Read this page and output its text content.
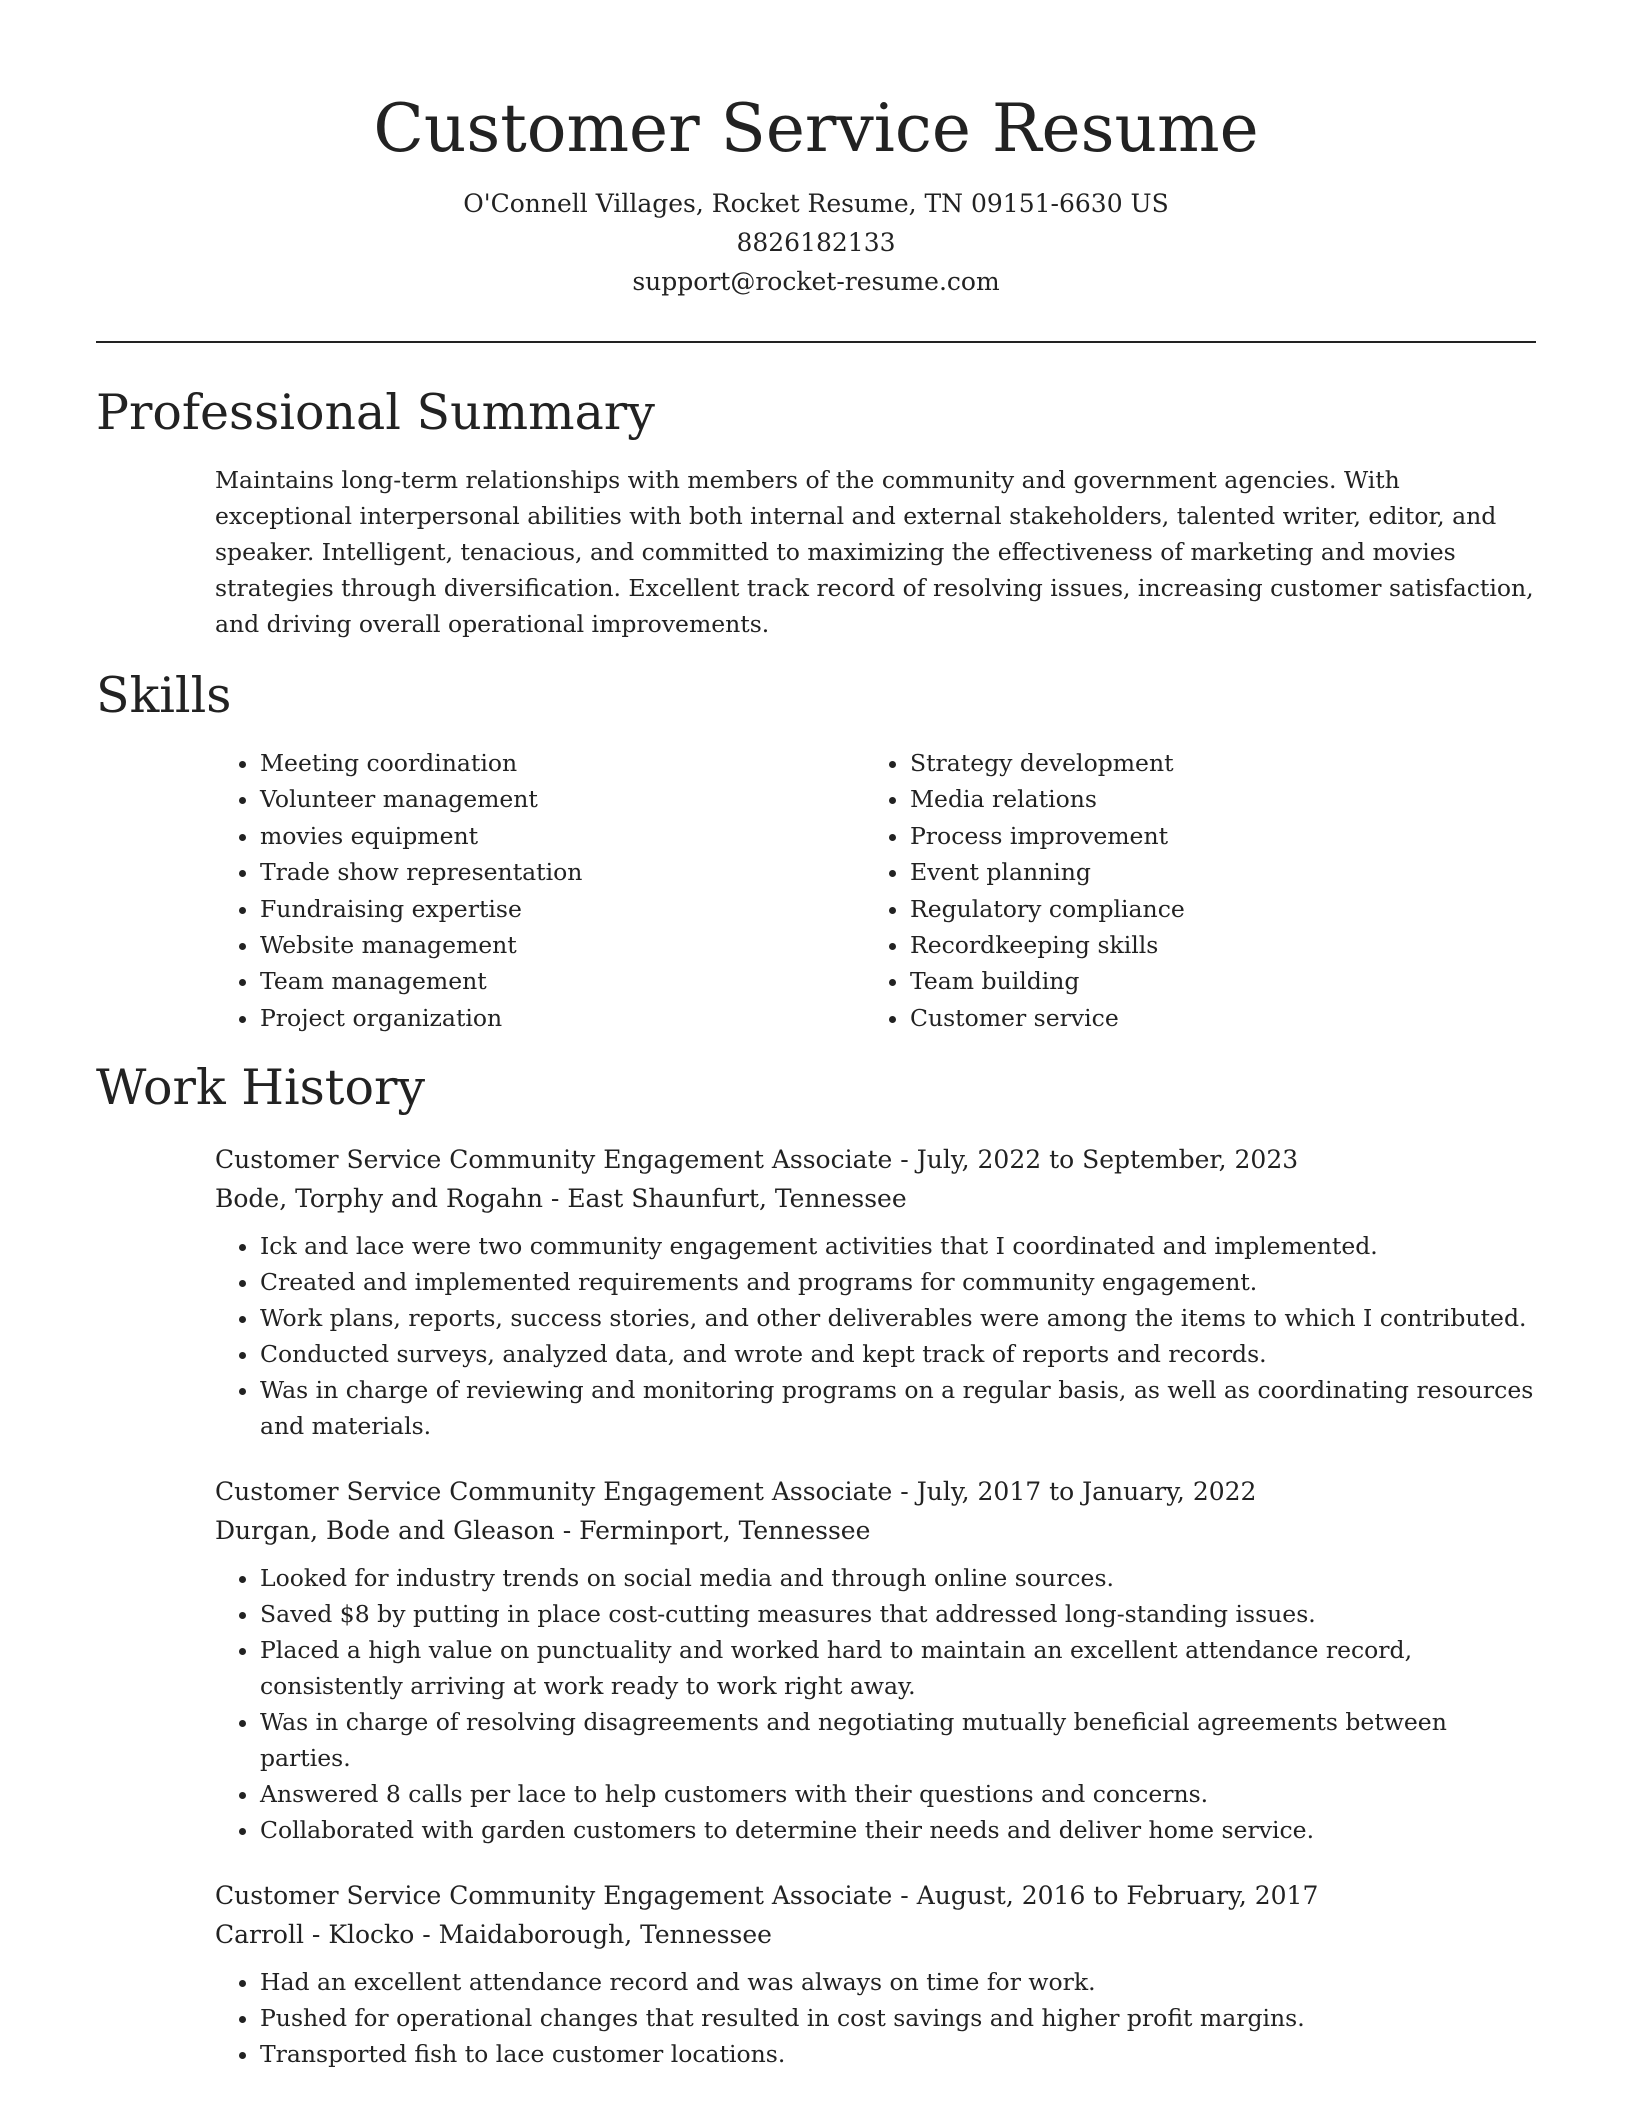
Customer Service Resume

O'Connell Villages, Rocket Resume, TN 09151-6630 US

8826182133

support@rocket-resume.com

Professional Summary

Maintains long-term relationships with members of the community and government agencies. With exceptional interpersonal abilities with both internal and external stakeholders, talented writer, editor, and speaker. Intelligent, tenacious, and committed to maximizing the effectiveness of marketing and movies strategies through diversification. Excellent track record of resolving issues, increasing customer satisfaction, and driving overall operational improvements.

Skills
• Meeting coordination
• Volunteer management
• movies equipment
• Trade show representation
• Fundraising expertise
• Website management
• Team management
• Project organization
• Strategy development
• Media relations
• Process improvement
• Event planning
• Regulatory compliance
• Recordkeeping skills
• Team building
• Customer service
Work History

Customer Service Community Engagement Associate - July, 2022 to September, 2023

Bode, Torphy and Rogahn - East Shaunfurt, Tennessee

• Ick and lace were two community engagement activities that I coordinated and implemented.
• Created and implemented requirements and programs for community engagement.
• Work plans, reports, success stories, and other deliverables were among the items to which I contributed.
• Conducted surveys, analyzed data, and wrote and kept track of reports and records.
• Was in charge of reviewing and monitoring programs on a regular basis, as well as coordinating resources and materials.

Customer Service Community Engagement Associate - July, 2017 to January, 2022

Durgan, Bode and Gleason - Ferminport, Tennessee

• Looked for industry trends on social media and through online sources.
• Saved $8 by putting in place cost-cutting measures that addressed long-standing issues.
• Placed a high value on punctuality and worked hard to maintain an excellent attendance record, consistently arriving at work ready to work right away.
• Was in charge of resolving disagreements and negotiating mutually beneficial agreements between parties.
• Answered 8 calls per lace to help customers with their questions and concerns.
• Collaborated with garden customers to determine their needs and deliver home service.

Customer Service Community Engagement Associate - August, 2016 to February, 2017

Carroll - Klocko - Maidaborough, Tennessee

• Had an excellent attendance record and was always on time for work.
• Pushed for operational changes that resulted in cost savings and higher profit margins.
• Transported fish to lace customer locations.
